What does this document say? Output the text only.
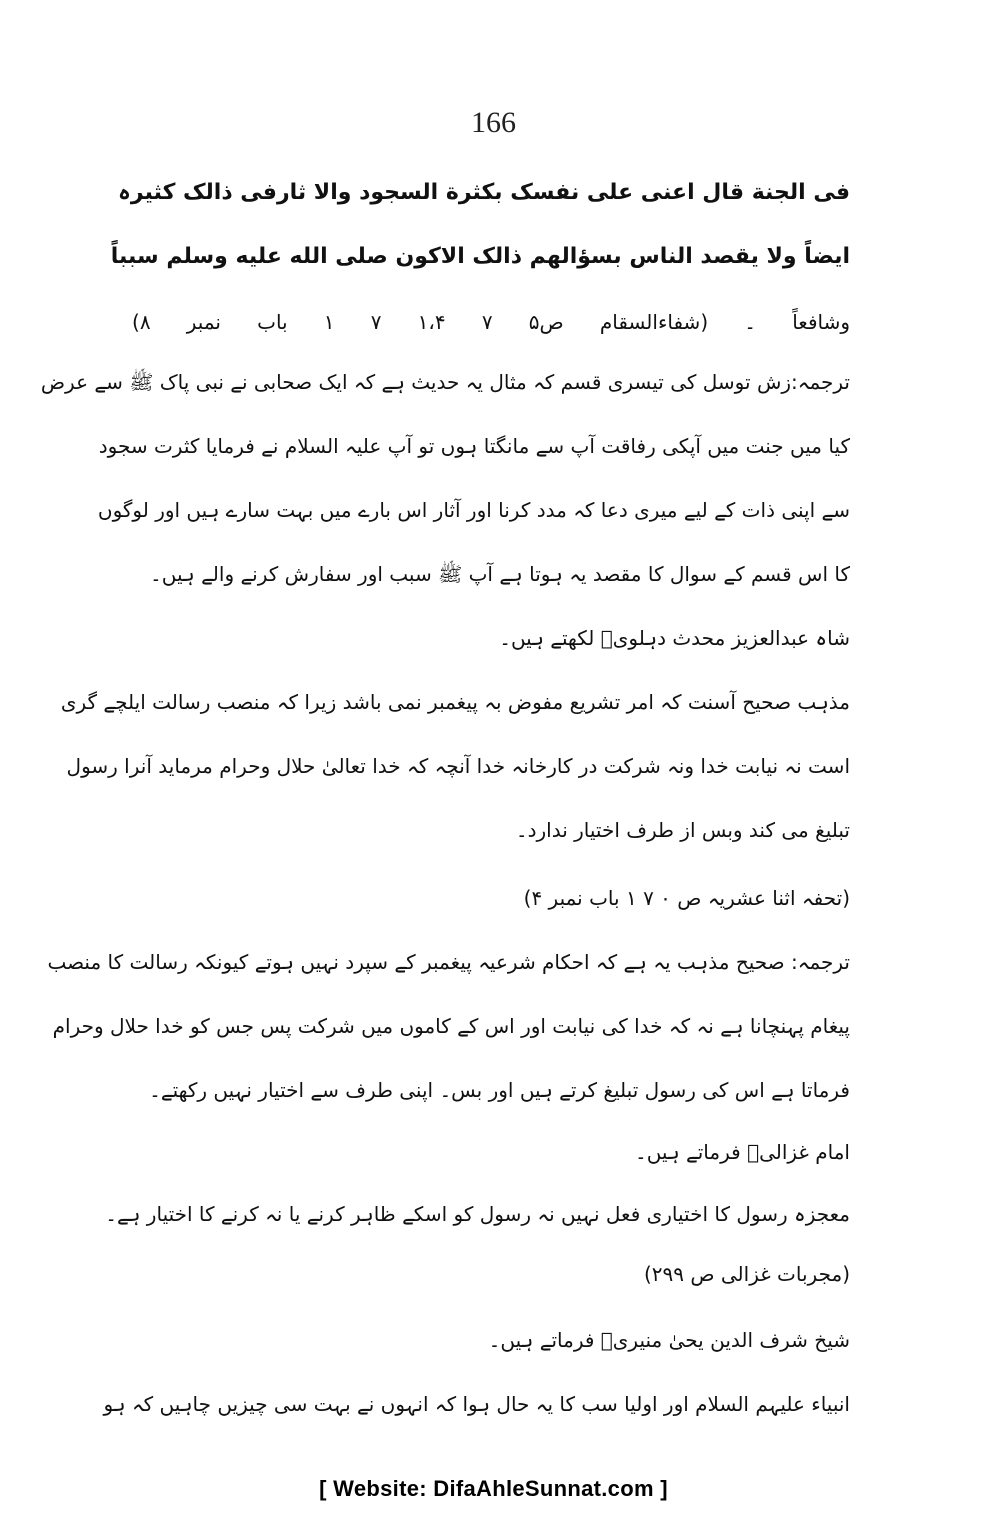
166
فی الجنة قال اعنی علی نفسک بکثرة السجود والا ثارفی ذالک کثیرہ
ایضاً ولا یقصد الناس بسؤالهم ذالک الاکون صلی الله علیه وسلم سبباً
وشافعاً ۔ (شفاءالسقام ص۵ ۷ ۱،۴ ۷ ۱ باب نمبر ۸)
ترجمہ:زش توسل کی تیسری قسم کہ مثال یہ حدیث ہے کہ ایک صحابی نے نبی پاک ﷺ سے عرض
کیا میں جنت میں آپکی رفاقت آپ سے مانگتا ہوں تو آپ علیہ السلام نے فرمایا کثرت سجود
سے اپنی ذات کے لیے میری دعا کہ مدد کرنا اور آثار اس بارے میں بہت سارے ہیں اور لوگوں
کا اس قسم کے سوال کا مقصد یہ ہوتا ہے آپ ﷺ سبب اور سفارش کرنے والے ہیں۔
شاہ عبدالعزیز محدث دہلویؒ لکھتے ہیں۔
مذہب صحیح آسنت کہ امر تشریع مفوض بہ پیغمبر نمی باشد زیرا کہ منصب رسالت ایلچے گری
است نہ نیابت خدا ونہ شرکت در کارخانہ خدا آنچہ کہ خدا تعالیٰ حلال وحرام مرماید آنرا رسول
تبلیغ می کند وبس از طرف اختیار ندارد۔
(تحفہ اثنا عشریہ ص ۰ ۷ ۱ باب نمبر ۴)
ترجمہ: صحیح مذہب یہ ہے کہ احکام شرعیہ پیغمبر کے سپرد نہیں ہوتے کیونکہ رسالت کا منصب
پیغام پہنچانا ہے نہ کہ خدا کی نیابت اور اس کے کاموں میں شرکت پس جس کو خدا حلال وحرام
فرماتا ہے اس کی رسول تبلیغ کرتے ہیں اور بس۔ اپنی طرف سے اختیار نہیں رکھتے۔
امام غزالیؒ فرماتے ہیں۔
معجزہ رسول کا اختیاری فعل نہیں نہ رسول کو اسکے ظاہر کرنے یا نہ کرنے کا اختیار ہے۔
(مجربات غزالی ص ۲۹۹)
شیخ شرف الدین یحیٰ منیریؒ فرماتے ہیں۔
انبیاء علیہم السلام اور اولیا سب کا یہ حال ہوا کہ انہوں نے بہت سی چیزیں چاہیں کہ ہو
[ Website: DifaAhleSunnat.com ]
